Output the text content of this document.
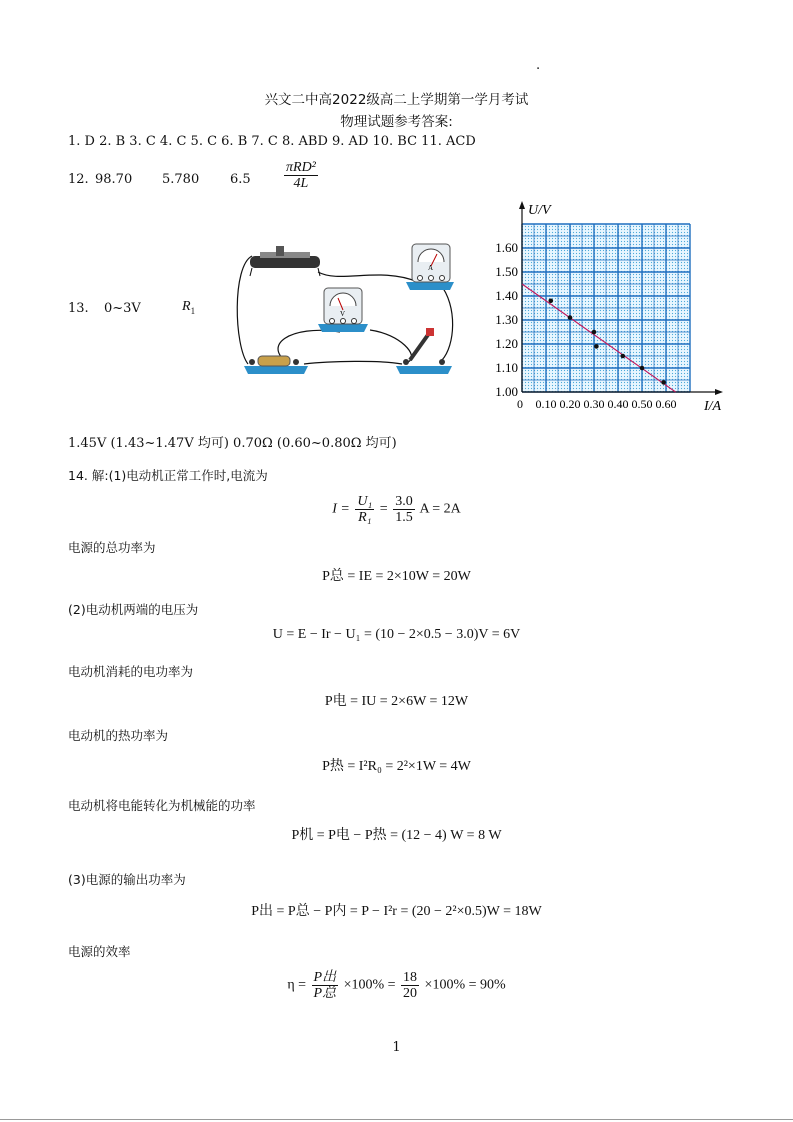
.
兴文二中高2022级高二上学期第一学月考试
物理试题参考答案:
1. D 2. B 3. C 4. C 5. C 6. B 7. C 8. ABD 9. AD 10. BC 11. ACD
12. 98.70 5.780 $6.5 \frac{\text{πRD²}}{4L}$
13. 0~3V	$R_1$
A
V
U/V
I/A
1.00
1.10
1.20
1.30
1.40
1.50
1.60
0 0.10 0.20 0.30 0.40 0.50 0.60
1.45V (1.43~1.47V 均可) 0.70Ω (0.60~0.80Ω 均可)
14. 解:(1)电动机正常工作时,电流为
$I = \frac{\text{U₁}}{\text{R₁}} = \frac{3.0}{1.5}$ A = 2A
电源的总功率为
P总 = IE = 2×10W = 20W
(2)电动机两端的电压为
U = E − Ir − U₁ = (10 − 2×0.5 − 3.0)V = 6V
电动机消耗的电功率为
P电 = IU = 2×6W = 12W
电动机的热功率为
P热 = I²R₀ = 2²×1W = 4W
电动机将电能转化为机械能的功率
P机 = P电 − P热 = (12 − 4) W = 8 W
(3)电源的输出功率为
P出 = P总 − P内 = P − I²r = (20 − 2²×0.5)W = 18W
电源的效率
$\eta = \frac{\text{P出}}{\text{P总}} \times 100\% = \frac{18}{20} \times 100\% = 90\%$
1
